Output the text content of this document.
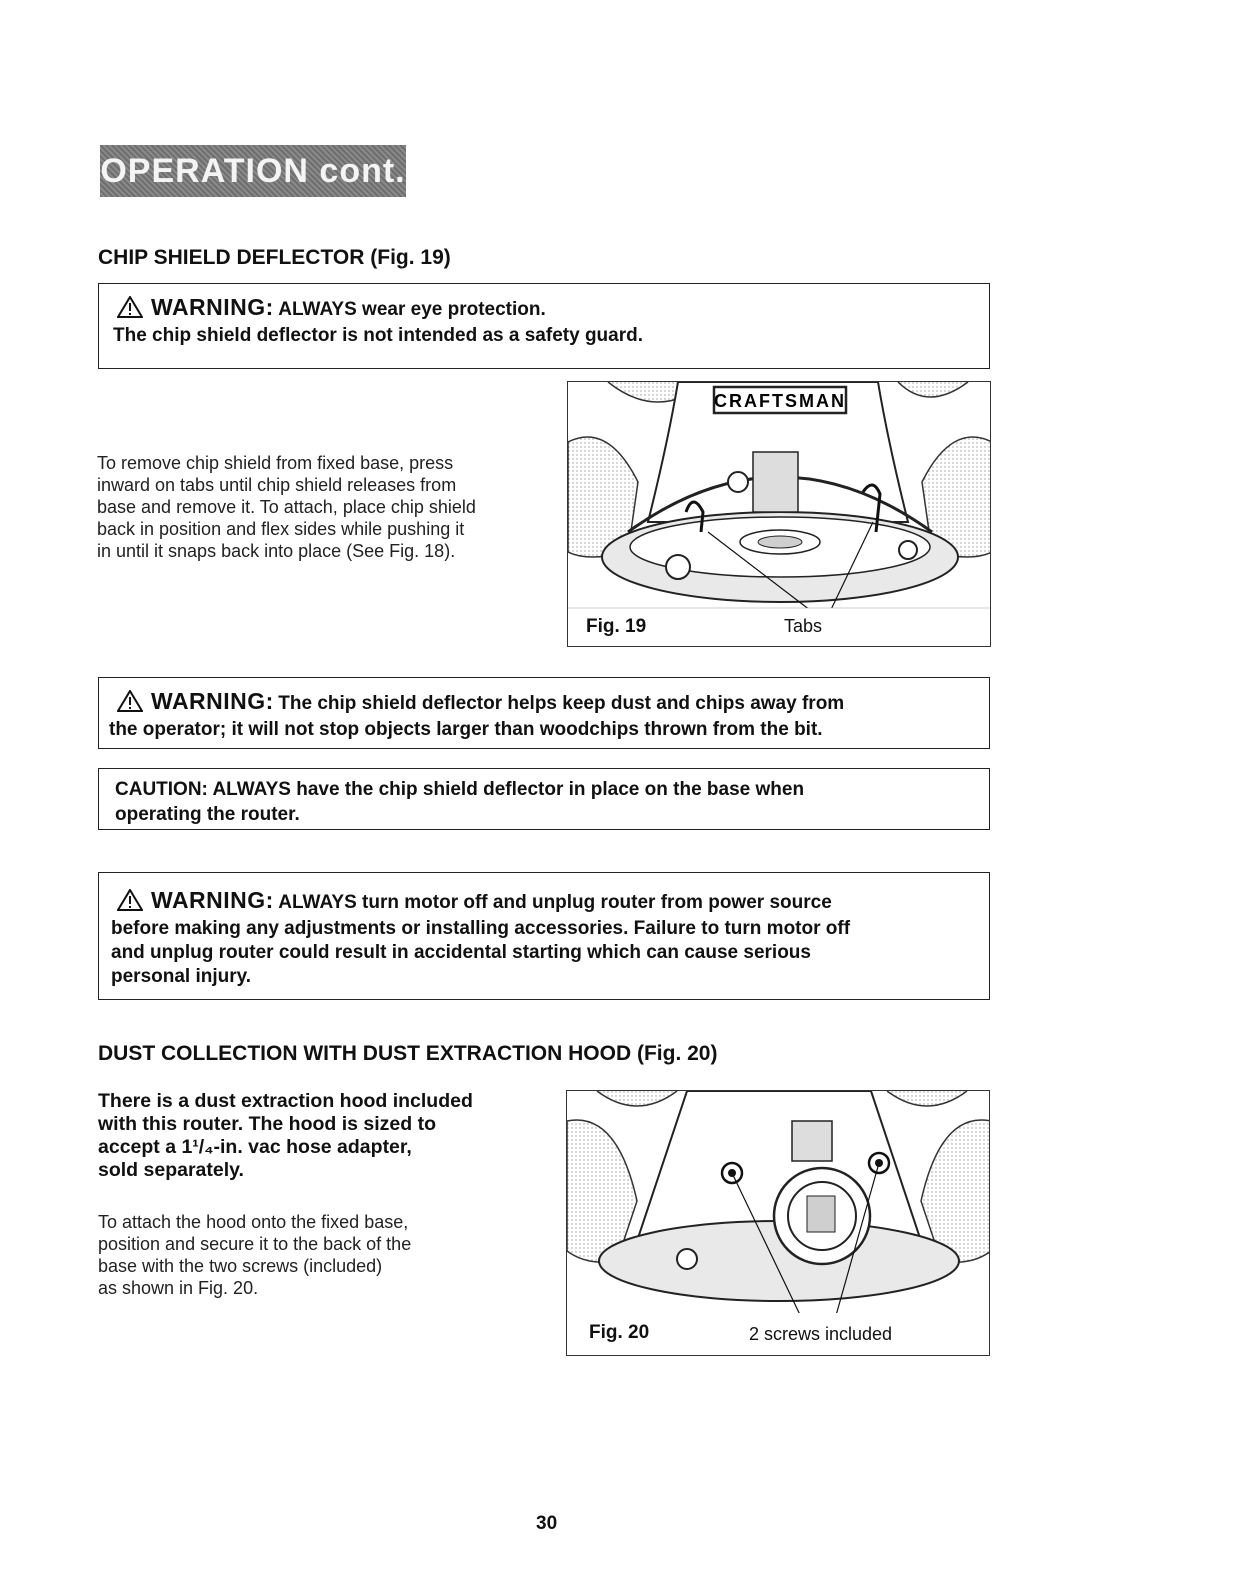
OPERATION cont.
CHIP SHIELD DEFLECTOR (Fig. 19)
WARNING: ALWAYS wear eye protection.
The chip shield deflector is not intended as a safety guard.
To remove chip shield from fixed base, press
inward on tabs until chip shield releases from
base and remove it. To attach, place chip shield
back in position and flex sides while pushing it
in until it snaps back into place (See Fig. 18).
CRAFTSMAN
Fig. 19	Tabs
WARNING: The chip shield deflector helps keep dust and chips away from
the operator; it will not stop objects larger than woodchips thrown from the bit.
CAUTION: ALWAYS have the chip shield deflector in place on the base when
operating the router.
WARNING: ALWAYS turn motor off and unplug router from power source
before making any adjustments or installing accessories. Failure to turn motor off
and unplug router could result in accidental starting which can cause serious
personal injury.
DUST COLLECTION WITH DUST EXTRACTION HOOD (Fig. 20)
There is a dust extraction hood included
with this router. The hood is sized to
accept a 1¹/₄-in. vac hose adapter,
sold separately.
To attach the hood onto the fixed base,
position and secure it to the back of the
base with the two screws (included)
as shown in Fig. 20.
Fig. 20	2 screws included
30
